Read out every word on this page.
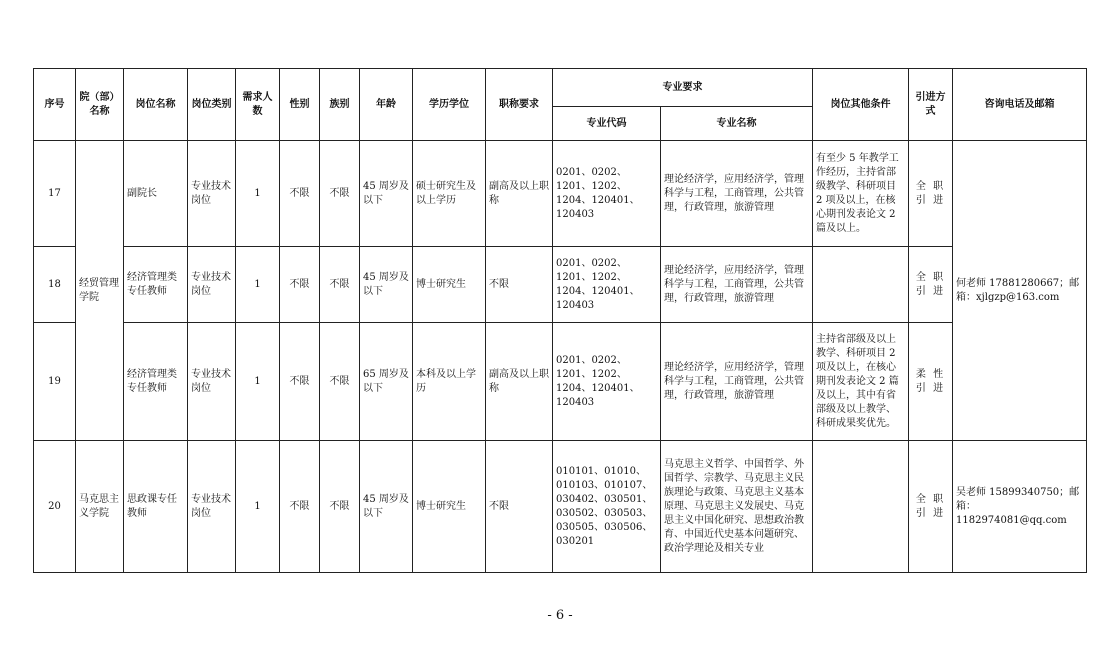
序号	院（部）名称	岗位名称	岗位类别	需求人数	性别	族别	年龄	学历学位	职称要求	专业要求		岗位其他条件	引进方式	咨询电话及邮箱
										专业代码	专业名称			
17	经贸管理学院	副院长	专业技术岗位	1	不限	不限	45 周岁及以下	硕士研究生及以上学历	副高及以上职称	0201、0202、1201、1202、1204、120401、120403	理论经济学，应用经济学，管理科学与工程，工商管理，公共管理，行政管理，旅游管理	有至少 5 年教学工作经历，主持省部级教学、科研项目 2 项及以上，在核心期刊发表论文 2 篇及以上。	全 职 引 进	何老师 17881280667；邮箱：xjlgzp@163.com
18		经济管理类专任教师	专业技术岗位	1	不限	不限	45 周岁及以下	博士研究生	不限	0201、0202、1201、1202、1204、120401、120403	理论经济学，应用经济学，管理科学与工程，工商管理，公共管理，行政管理，旅游管理		全 职 引 进	
19		经济管理类专任教师	专业技术岗位	1	不限	不限	65 周岁及以下	本科及以上学历	副高及以上职称	0201、0202、1201、1202、1204、120401、120403	理论经济学，应用经济学，管理科学与工程，工商管理，公共管理，行政管理，旅游管理	主持省部级及以上教学、科研项目 2 项及以上，在核心期刊发表论文 2 篇及以上，其中有省部级及以上教学、科研成果奖优先。	柔 性 引 进	
20	马克思主义学院	思政课专任教师	专业技术岗位	1	不限	不限	45 周岁及以下	博士研究生	不限	010101、01010、010103、010107、030402、030501、030502、030503、030505、030506、030201	马克思主义哲学、中国哲学、外国哲学、宗教学、马克思主义民族理论与政策、马克思主义基本原理、马克思主义发展史、马克思主义中国化研究、思想政治教育、中国近代史基本问题研究、政治学理论及相关专业		全 职 引 进	吴老师 15899340750；邮箱：1182974081@qq.com
- 6 -
